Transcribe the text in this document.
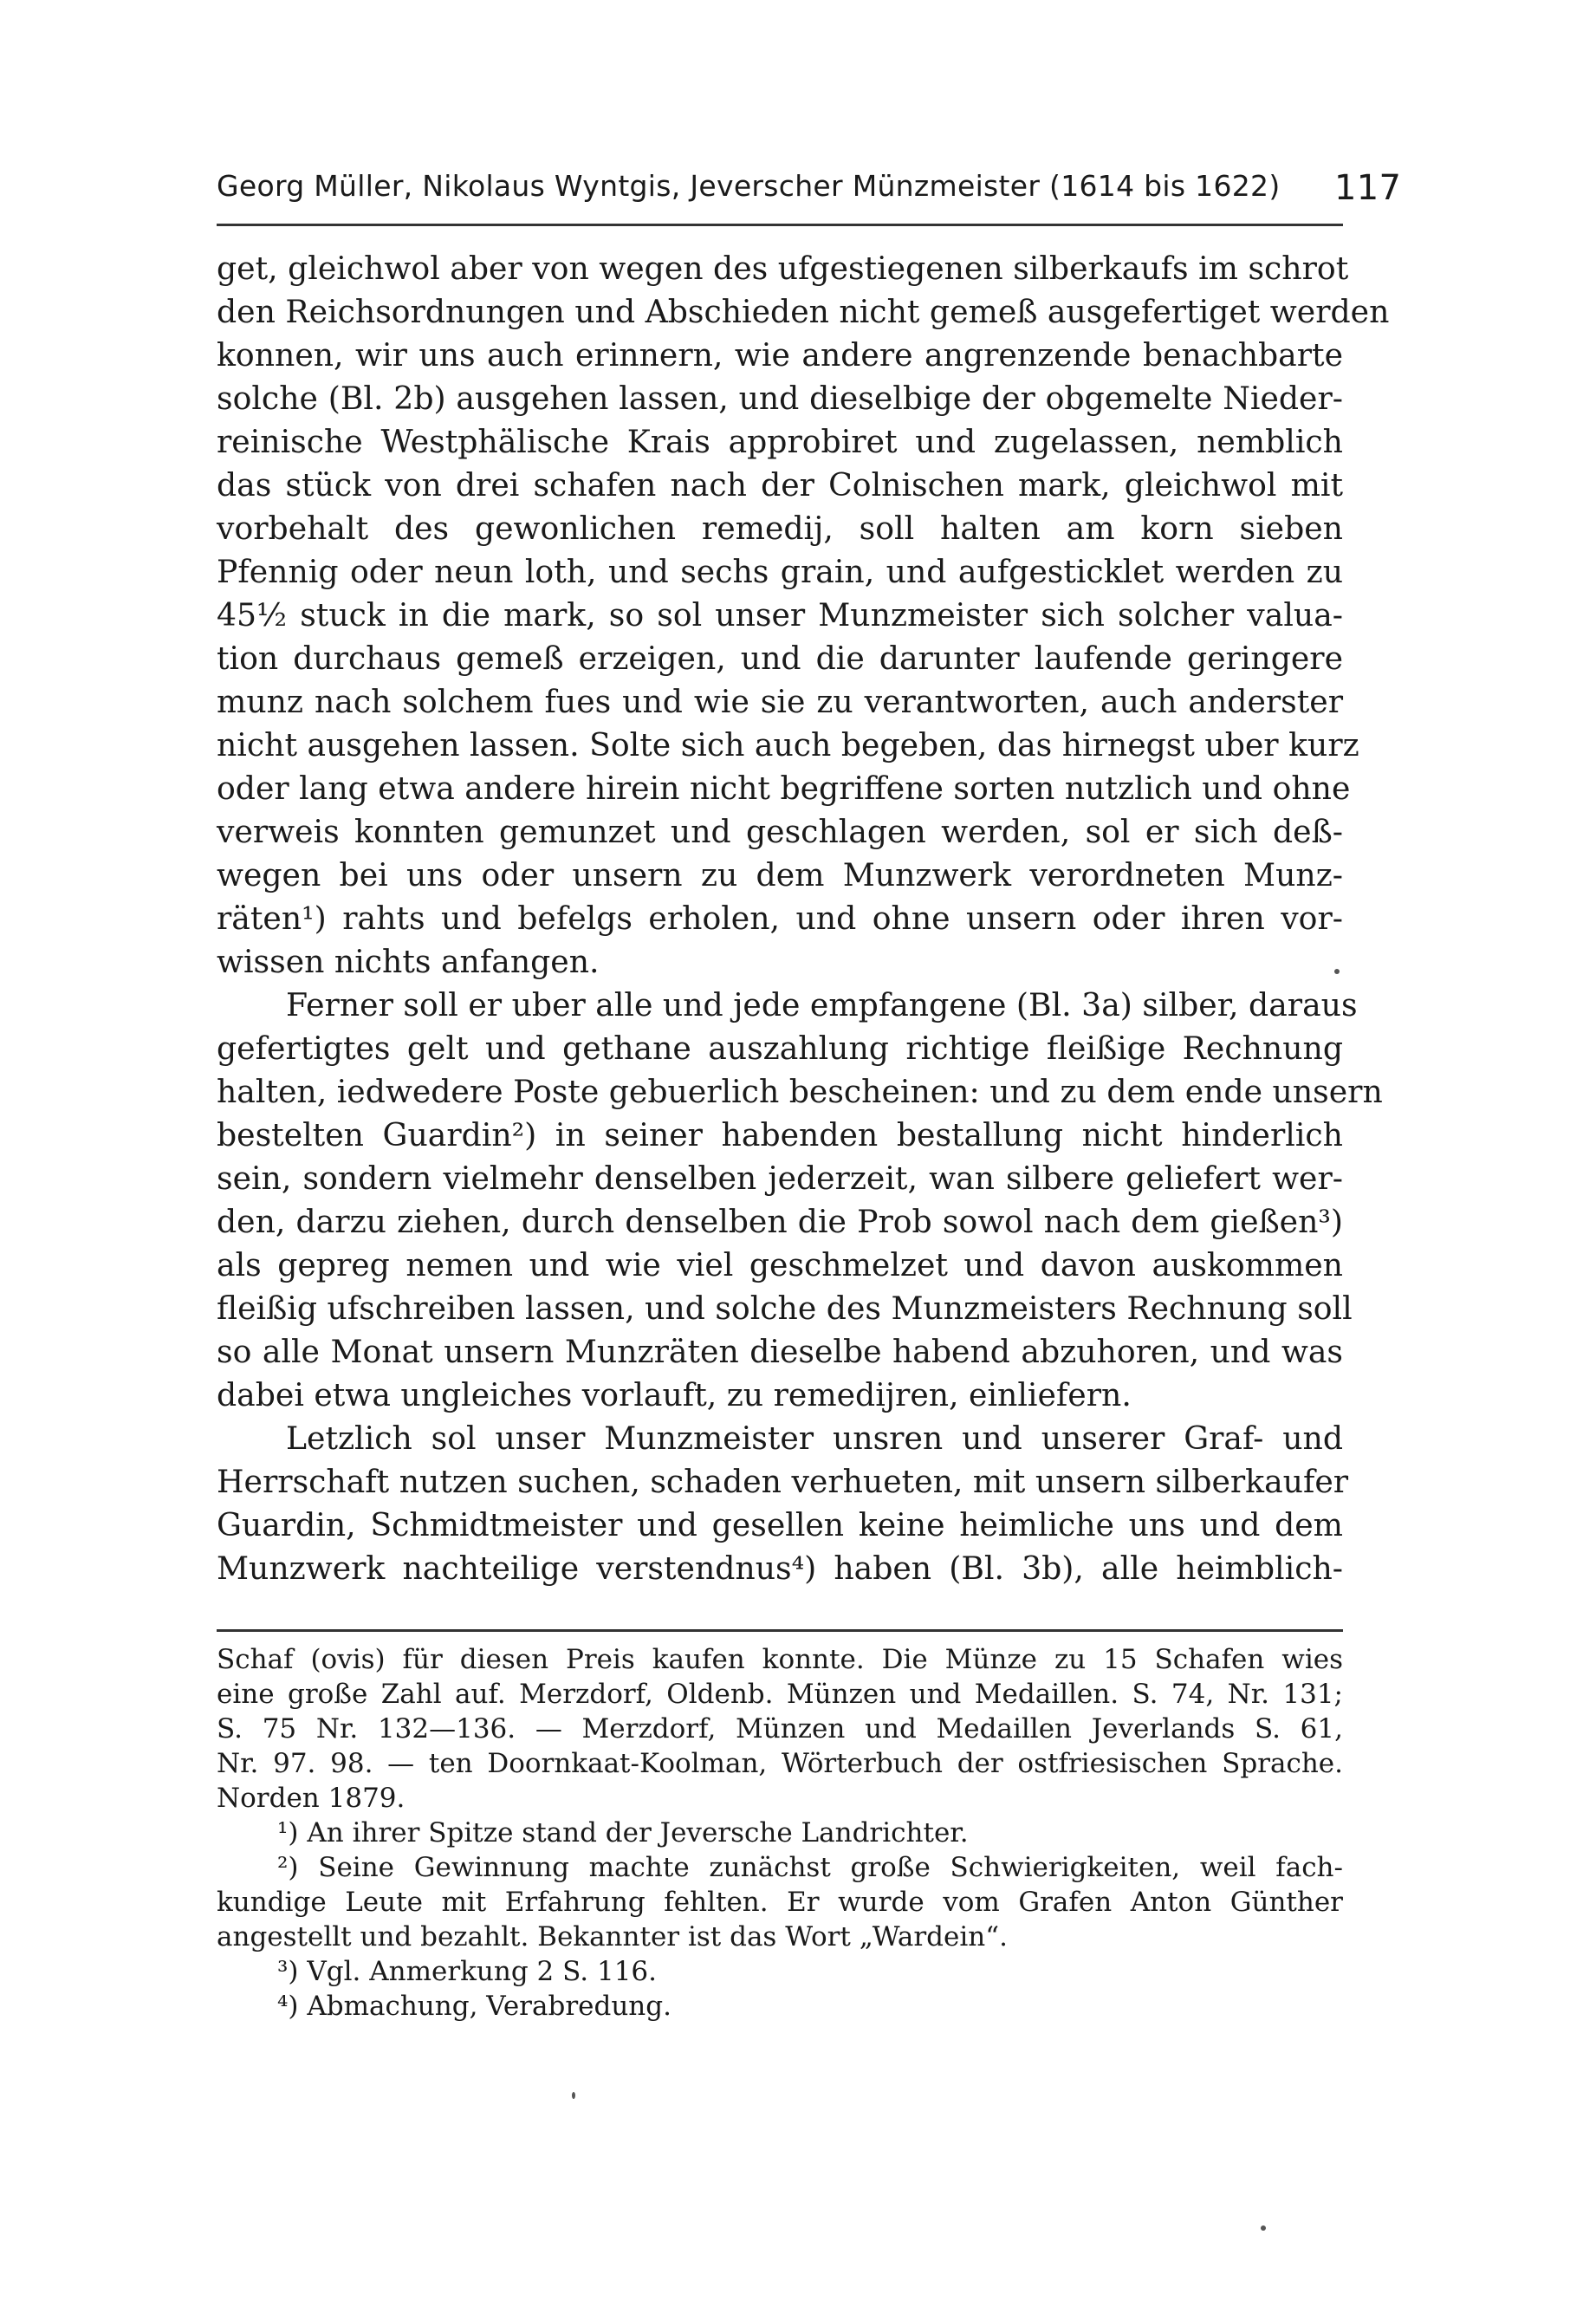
Georg Müller, Nikolaus Wyntgis, Jeverscher Münzmeister (1614 bis 1622) 117

get, gleichwol aber von wegen des ufgestiegenen silberkaufs im schrot
den Reichsordnungen und Abschieden nicht gemeß ausgefertiget werden
konnen, wir uns auch erinnern, wie andere angrenzende benachbarte
solche (Bl. 2b) ausgehen lassen, und dieselbige der obgemelte Nieder-
reinische Westphälische Krais approbiret und zugelassen, nemblich
das stück von drei schafen nach der Colnischen mark, gleichwol mit
vorbehalt des gewonlichen remedij, soll halten am korn sieben
Pfennig oder neun loth, und sechs grain, und aufgesticklet werden zu
45½ stuck in die mark, so sol unser Munzmeister sich solcher valua-
tion durchaus gemeß erzeigen, und die darunter laufende geringere
munz nach solchem fues und wie sie zu verantworten, auch anderster
nicht ausgehen lassen. Solte sich auch begeben, das hirnegst uber kurz
oder lang etwa andere hirein nicht begriffene sorten nutzlich und ohne
verweis konnten gemunzet und geschlagen werden, sol er sich deß-
wegen bei uns oder unsern zu dem Munzwerk verordneten Munz-
räten¹) rahts und befelgs erholen, und ohne unsern oder ihren vor-
wissen nichts anfangen.

Ferner soll er uber alle und jede empfangene (Bl. 3a) silber, daraus
gefertigtes gelt und gethane auszahlung richtige fleißige Rechnung
halten, iedwedere Poste gebuerlich bescheinen: und zu dem ende unsern
bestelten Guardin²) in seiner habenden bestallung nicht hinderlich
sein, sondern vielmehr denselben jederzeit, wan silbere geliefert wer-
den, darzu ziehen, durch denselben die Prob sowol nach dem gießen³)
als gepreg nemen und wie viel geschmelzet und davon auskommen
fleißig ufschreiben lassen, und solche des Munzmeisters Rechnung soll
so alle Monat unsern Munzräten dieselbe habend abzuhoren, und was
dabei etwa ungleiches vorlauft, zu remedijren, einliefern.

Letzlich sol unser Munzmeister unsren und unserer Graf- und
Herrschaft nutzen suchen, schaden verhueten, mit unsern silberkaufer
Guardin, Schmidtmeister und gesellen keine heimliche uns und dem
Munzwerk nachteilige verstendnus⁴) haben (Bl. 3b), alle heimblich-

Schaf (ovis) für diesen Preis kaufen konnte. Die Münze zu 15 Schafen wies
eine große Zahl auf. Merzdorf, Oldenb. Münzen und Medaillen. S. 74, Nr. 131;
S. 75 Nr. 132—136. — Merzdorf, Münzen und Medaillen Jeverlands S. 61,
Nr. 97. 98. — ten Doornkaat-Koolman, Wörterbuch der ostfriesischen Sprache.
Norden 1879.

¹) An ihrer Spitze stand der Jeversche Landrichter.

²) Seine Gewinnung machte zunächst große Schwierigkeiten, weil fach-
kundige Leute mit Erfahrung fehlten. Er wurde vom Grafen Anton Günther
angestellt und bezahlt. Bekannter ist das Wort „Wardein“.

³) Vgl. Anmerkung 2 S. 116.

⁴) Abmachung, Verabredung.
